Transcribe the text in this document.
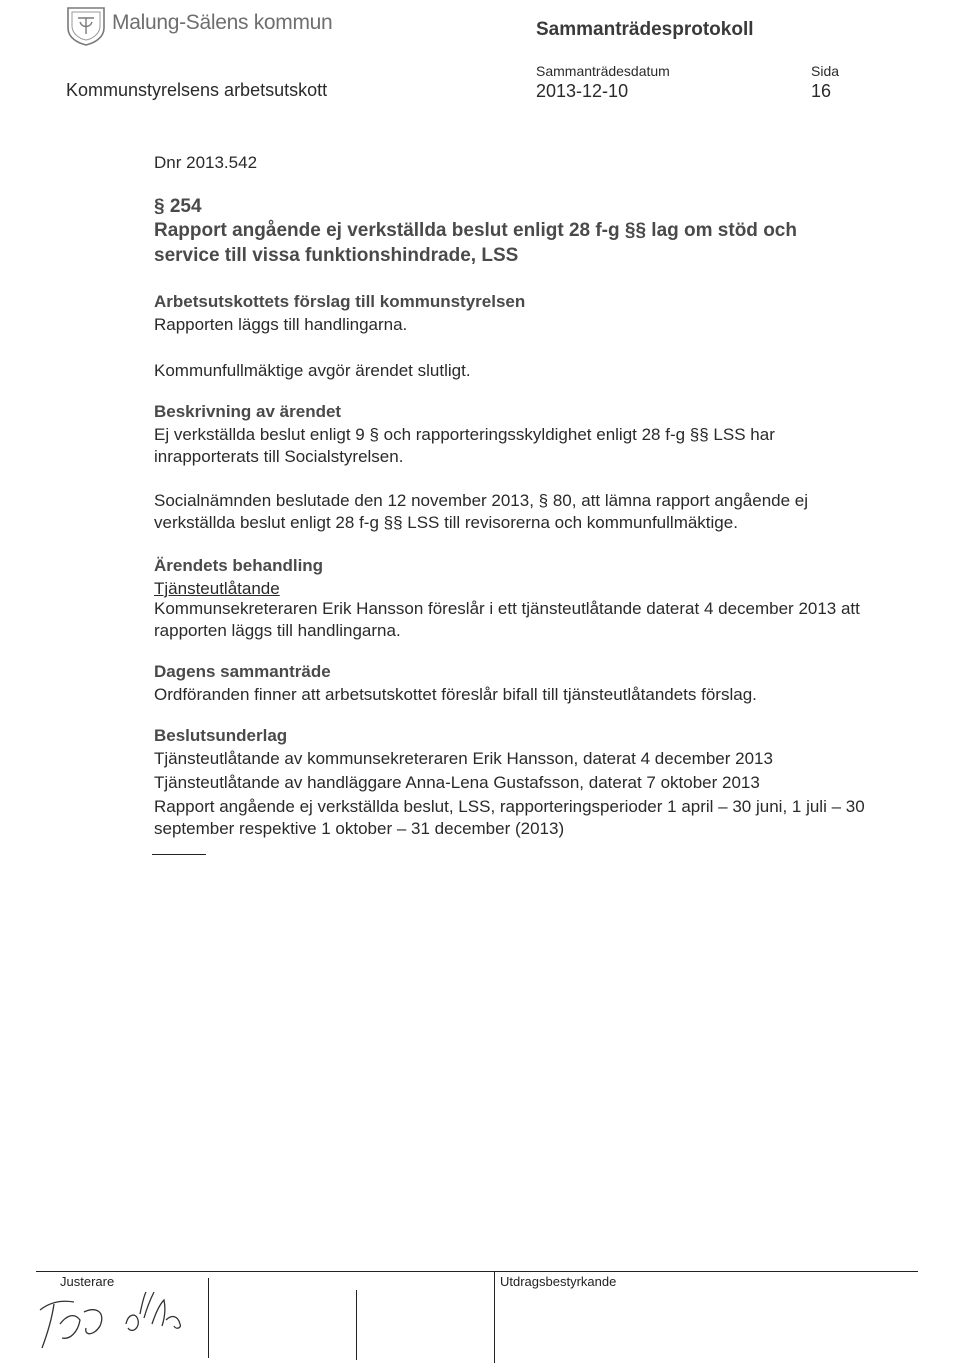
Malung-Sälens kommun	Sammanträdesprotokoll
Kommunstyrelsens arbetsutskott
Sammanträdesdatum
2013-12-10
Sida
16
Dnr 2013.542
§ 254
Rapport angående ej verkställda beslut enligt 28 f-g §§ lag om stöd och service till vissa funktionshindrade, LSS
Arbetsutskottets förslag till kommunstyrelsen
Rapporten läggs till handlingarna.
Kommunfullmäktige avgör ärendet slutligt.
Beskrivning av ärendet
Ej verkställda beslut enligt 9 § och rapporteringsskyldighet enligt 28 f-g §§ LSS har inrapporterats till Socialstyrelsen.
Socialnämnden beslutade den 12 november 2013, § 80, att lämna rapport angående ej verkställda beslut enligt 28 f-g §§ LSS till revisorerna och kommunfullmäktige.
Ärendets behandling
Tjänsteutlåtande
Kommunsekreteraren Erik Hansson föreslår i ett tjänsteutlåtande daterat 4 december 2013 att rapporten läggs till handlingarna.
Dagens sammanträde
Ordföranden finner att arbetsutskottet föreslår bifall till tjänsteutlåtandets förslag.
Beslutsunderlag
Tjänsteutlåtande av kommunsekreteraren Erik Hansson, daterat 4 december 2013
Tjänsteutlåtande av handläggare Anna-Lena Gustafsson, daterat 7 oktober 2013
Rapport angående ej verkställda beslut, LSS, rapporteringsperioder 1 april – 30 juni, 1 juli – 30 september respektive 1 oktober – 31 december (2013)
Justerare	Utdragsbestyrkande
